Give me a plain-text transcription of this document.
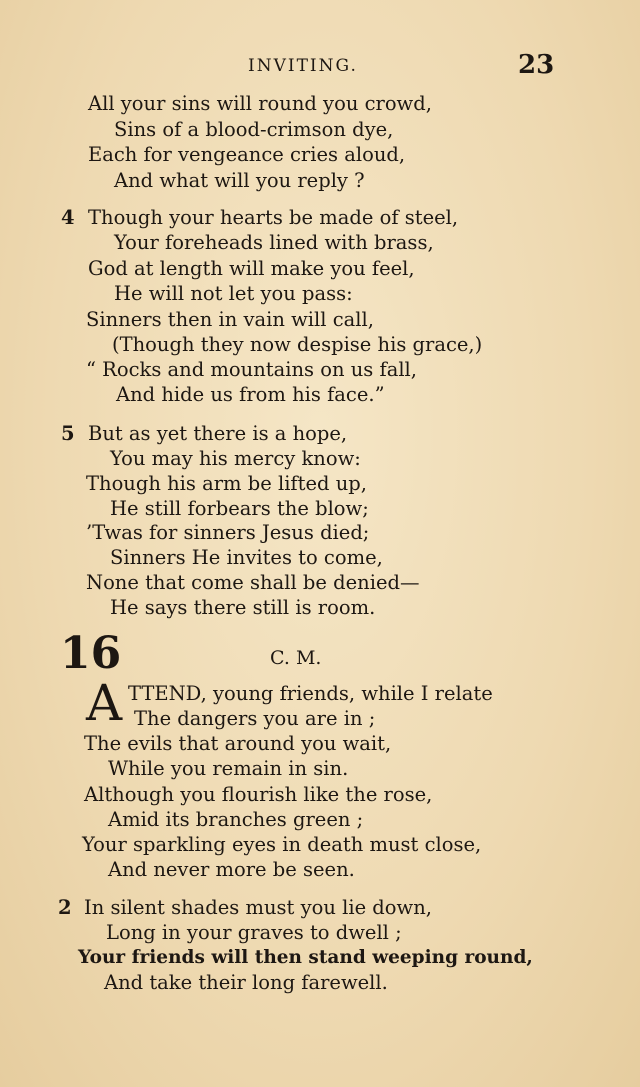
INVITING.	23
All your sins will round you crowd,
Sins of a blood-crimson dye,
Each for vengeance cries aloud,
And what will you reply ?
4 Though your hearts be made of steel,
Your foreheads lined with brass,
God at length will make you feel,
He will not let you pass:
Sinners then in vain will call,
(Though they now despise his grace,)
“ Rocks and mountains on us fall,
And hide us from his face.”
5 But as yet there is a hope,
You may his mercy know:
Though his arm be lifted up,
He still forbears the blow;
’Twas for sinners Jesus died;
Sinners He invites to come,
None that come shall be denied—
He says there still is room.
16	C. M.
A TTEND, young friends, while I relate
The dangers you are in ;
The evils that around you wait,
While you remain in sin.
Although you flourish like the rose,
Amid its branches green ;
Your sparkling eyes in death must close,
And never more be seen.
2 In silent shades must you lie down,
Long in your graves to dwell ;
Your friends will then stand weeping round,
And take their long farewell.
